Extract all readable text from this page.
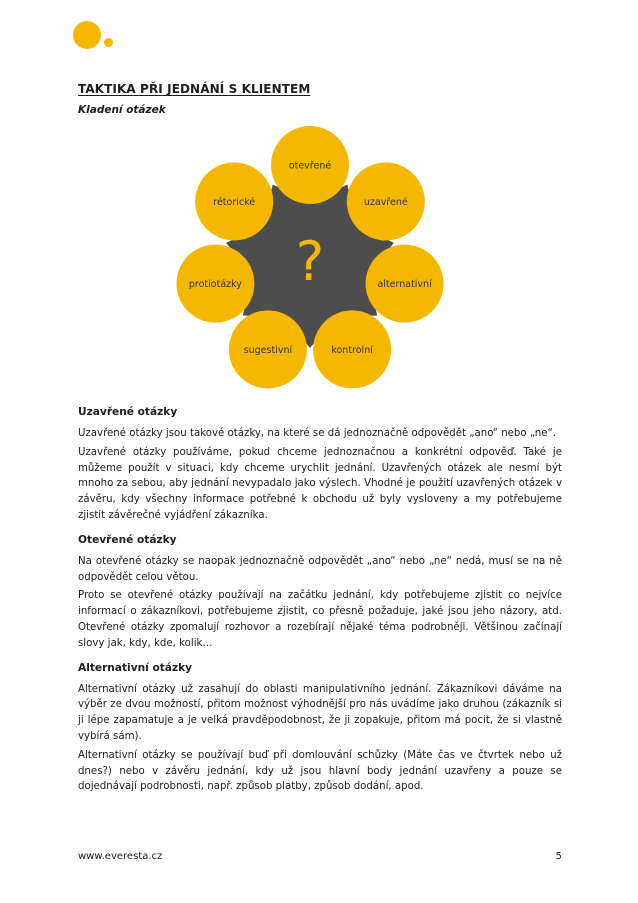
TAKTIKA PŘI JEDNÁNÍ S KLIENTEM
Kladení otázek
otevřené
uzavřené
alternativní
kontrolní
sugestivní
protiotázky
rétorické
?
Uzavřené otázky

Uzavřené otázky jsou takové otázky, na které se dá jednoznačně odpovědět „ano“ nebo „ne“.

Uzavřené otázky používáme, pokud chceme jednoznačnou a konkrétní odpověď. Také je můžeme použít v situaci, kdy chceme urychlit jednání. Uzavřených otázek ale nesmí být mnoho za sebou, aby jednání nevypadalo jako výslech. Vhodné je použití uzavřených otázek v závěru, kdy všechny informace potřebné k obchodu už byly vysloveny a my potřebujeme zjistit závěrečné vyjádření zákazníka.

Otevřené otázky

Na otevřené otázky se naopak jednoznačně odpovědět „ano“ nebo „ne“ nedá, musí se na ně odpovědět celou větou.

Proto se otevřené otázky používají na začátku jednání, kdy potřebujeme zjistit co nejvíce informací o zákazníkovi, potřebujeme zjistit, co přesně požaduje, jaké jsou jeho názory, atd. Otevřené otázky zpomalují rozhovor a rozebírají nějaké téma podrobněji. Většinou začínají slovy jak, kdy, kde, kolik…

Alternativní otázky

Alternativní otázky už zasahují do oblasti manipulativního jednání. Zákazníkovi dáváme na výběr ze dvou možností, přitom možnost výhodnější pro nás uvádíme jako druhou (zákazník si ji lépe zapamatuje a je velká pravděpodobnost, že ji zopakuje, přitom má pocit, že si vlastně vybírá sám).

Alternativní otázky se používají buď při domlouvání schůzky (Máte čas ve čtvrtek nebo už dnes?) nebo v závěru jednání, kdy už jsou hlavní body jednání uzavřeny a pouze se dojednávají podrobnosti, např. způsob platby, způsob dodání, apod.

www.everesta.cz	5
